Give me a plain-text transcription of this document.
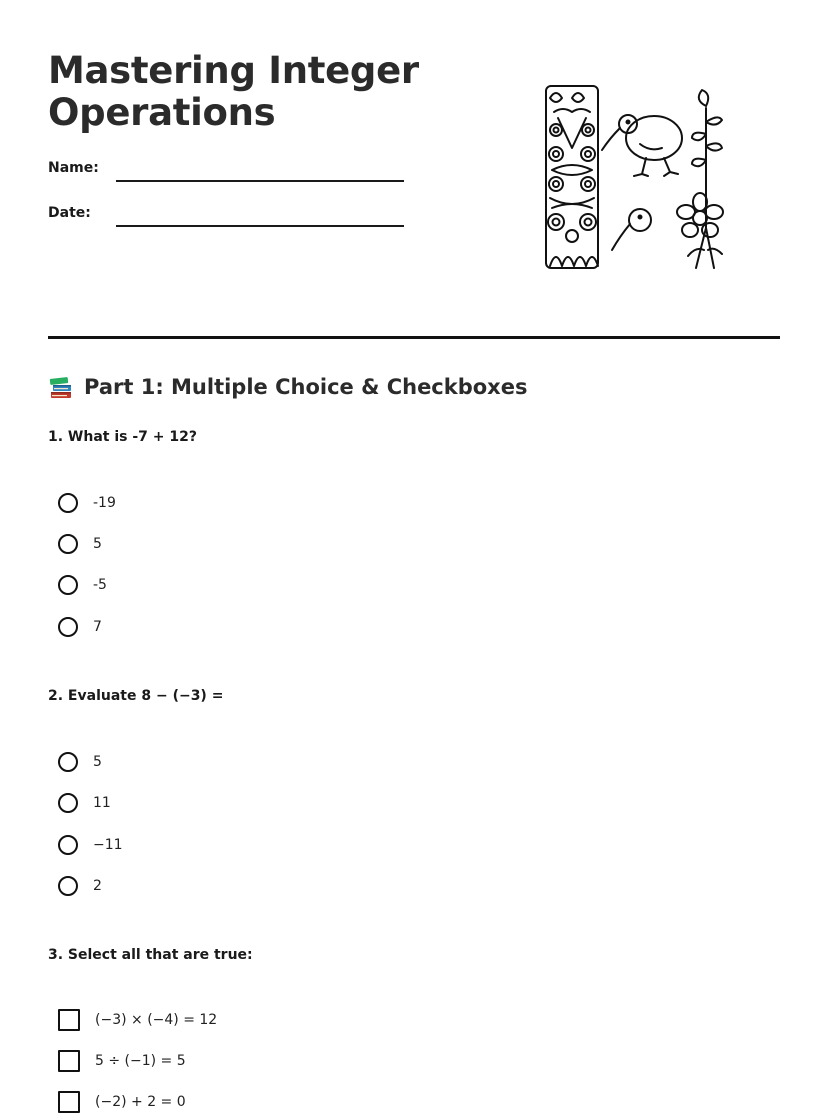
Mastering Integer Operations
Name:
Date:
Part 1: Multiple Choice & Checkboxes
1. What is -7 + 12?
-19
5
-5
7
2. Evaluate 8 − (−3) =
5
11
−11
2
3. Select all that are true:
(−3) × (−4) = 12
5 ÷ (−1) = 5
(−2) + 2 = 0
